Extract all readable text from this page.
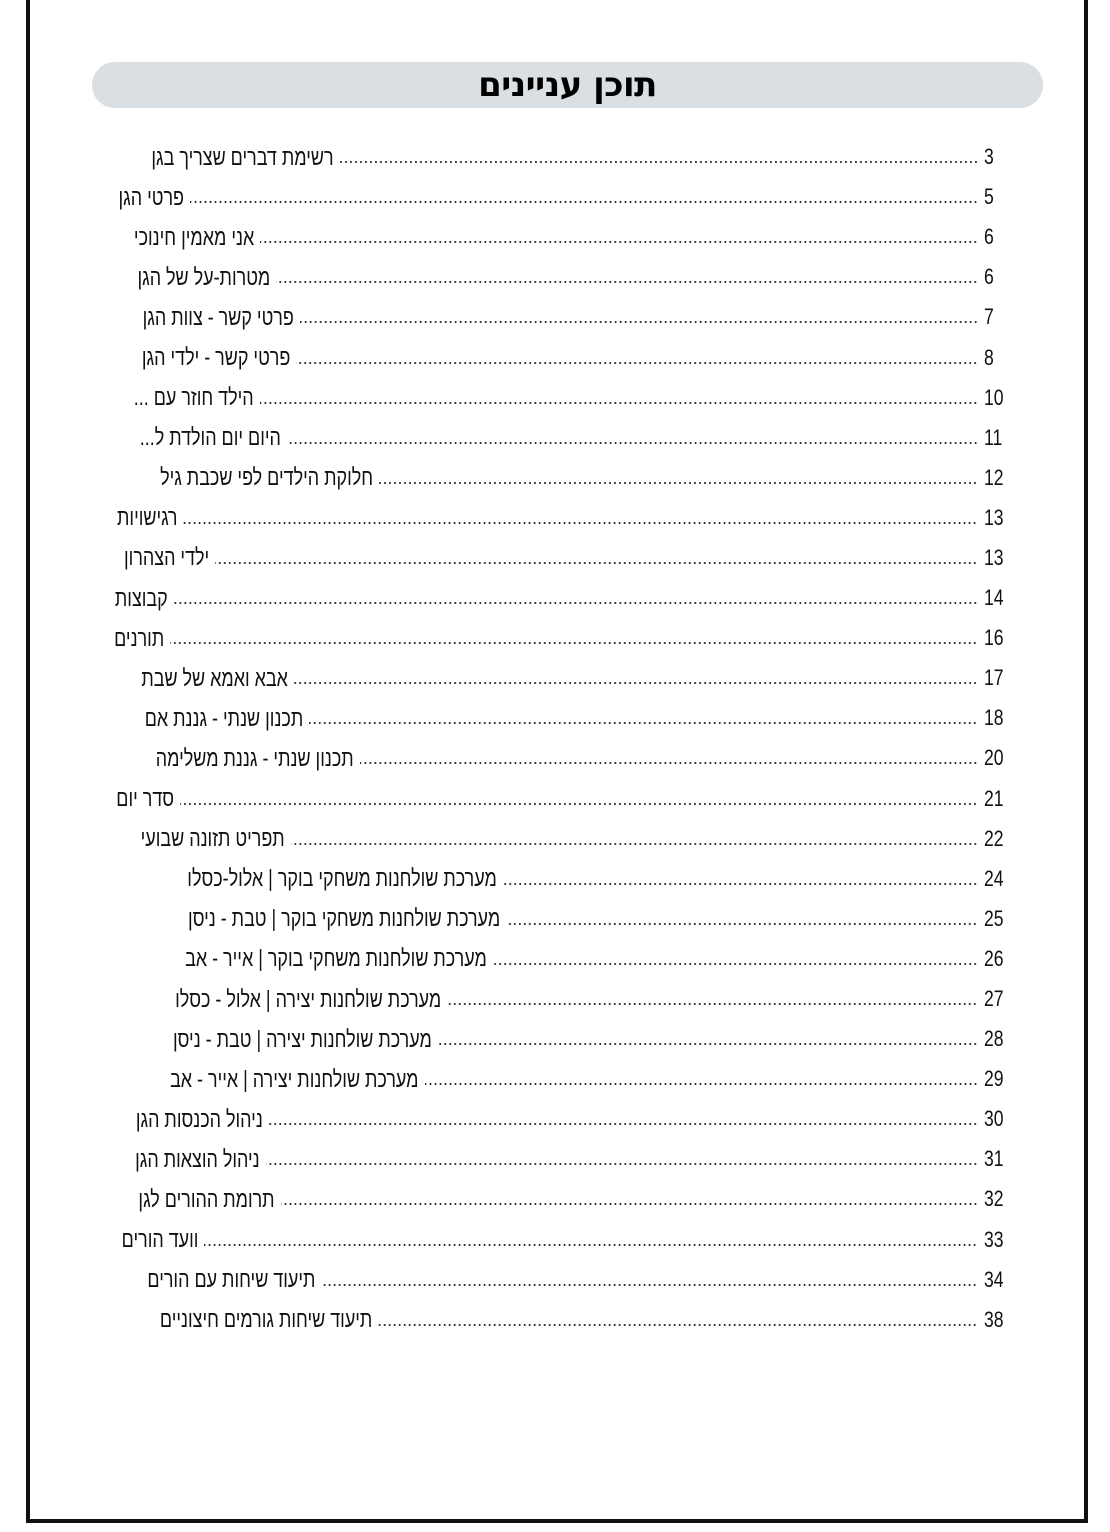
תוכן עניינים
רשימת דברים שצריך בגן	3
פרטי הגן	5
אני מאמין חינוכי	6
מטרות-על של הגן	6
פרטי קשר - צוות הגן	7
פרטי קשר - ילדי הגן	8
הילד חוזר עם ...	10
היום יום הולדת ל...	11
חלוקת הילדים לפי שכבת גיל	12
רגישויות	13
ילדי הצהרון	13
קבוצות	14
תורנים	16
אבא ואמא של שבת	17
תכנון שנתי - גננת אם	18
תכנון שנתי - גננת משלימה	20
סדר יום	21
תפריט תזונה שבועי	22
מערכת שולחנות משחקי בוקר | אלול-כסלו	24
מערכת שולחנות משחקי בוקר | טבת - ניסן	25
מערכת שולחנות משחקי בוקר | אייר - אב	26
מערכת שולחנות יצירה | אלול - כסלו	27
מערכת שולחנות יצירה | טבת - ניסן	28
מערכת שולחנות יצירה | אייר - אב	29
ניהול הכנסות הגן	30
ניהול הוצאות הגן	31
תרומת ההורים לגן	32
וועד הורים	33
תיעוד שיחות עם הורים	34
תיעוד שיחות גורמים חיצוניים	38
